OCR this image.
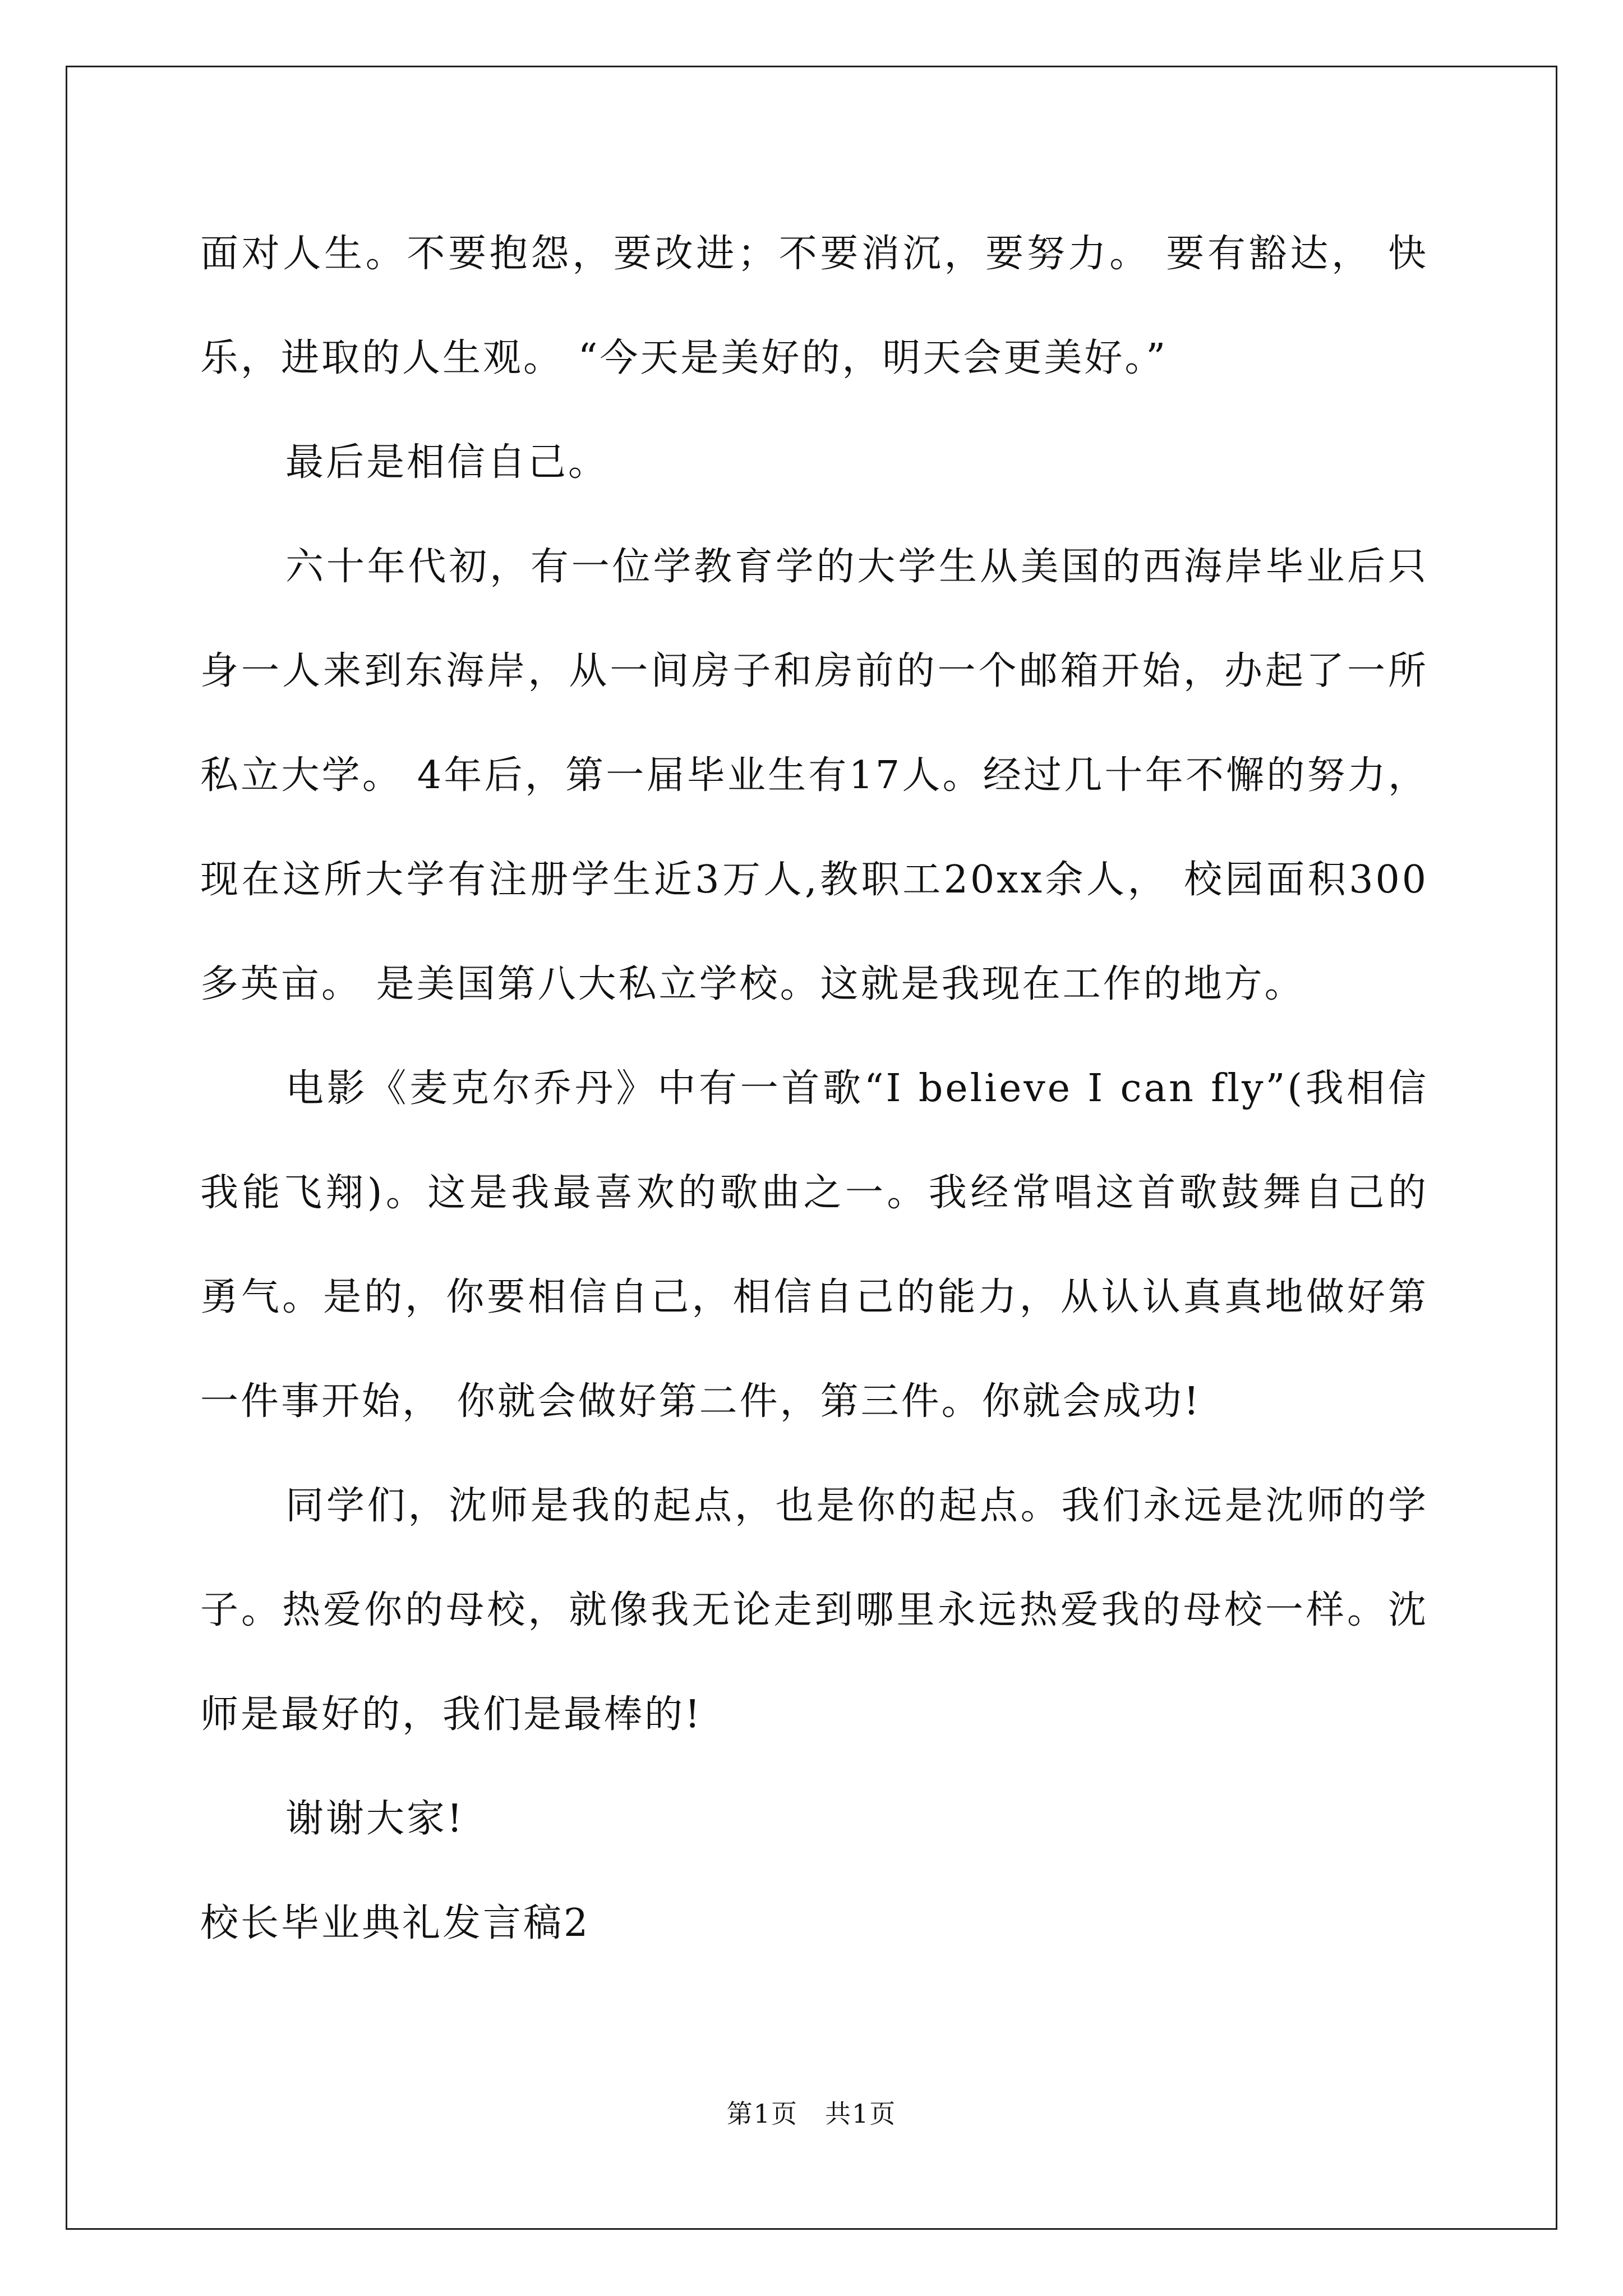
面对人生。不要抱怨，要改进；不要消沉，要努力。 要有豁达， 快乐，进取的人生观。 “今天是美好的，明天会更美好。”

最后是相信自己。

六十年代初，有一位学教育学的大学生从美国的西海岸毕业后只身一人来到东海岸，从一间房子和房前的一个邮箱开始，办起了一所私立大学。 4年后，第一届毕业生有17人。经过几十年不懈的努力，现在这所大学有注册学生近3万人,教职工20xx余人， 校园面积300多英亩。 是美国第八大私立学校。这就是我现在工作的地方。

电影《麦克尔乔丹》中有一首歌“I believe I can fly”(我相信我能飞翔)。这是我最喜欢的歌曲之一。我经常唱这首歌鼓舞自己的勇气。是的，你要相信自己，相信自己的能力，从认认真真地做好第一件事开始， 你就会做好第二件，第三件。你就会成功!

同学们，沈师是我的起点，也是你的起点。我们永远是沈师的学子。热爱你的母校，就像我无论走到哪里永远热爱我的母校一样。沈师是最好的，我们是最棒的!

谢谢大家!

校长毕业典礼发言稿2

第1页　共1页
